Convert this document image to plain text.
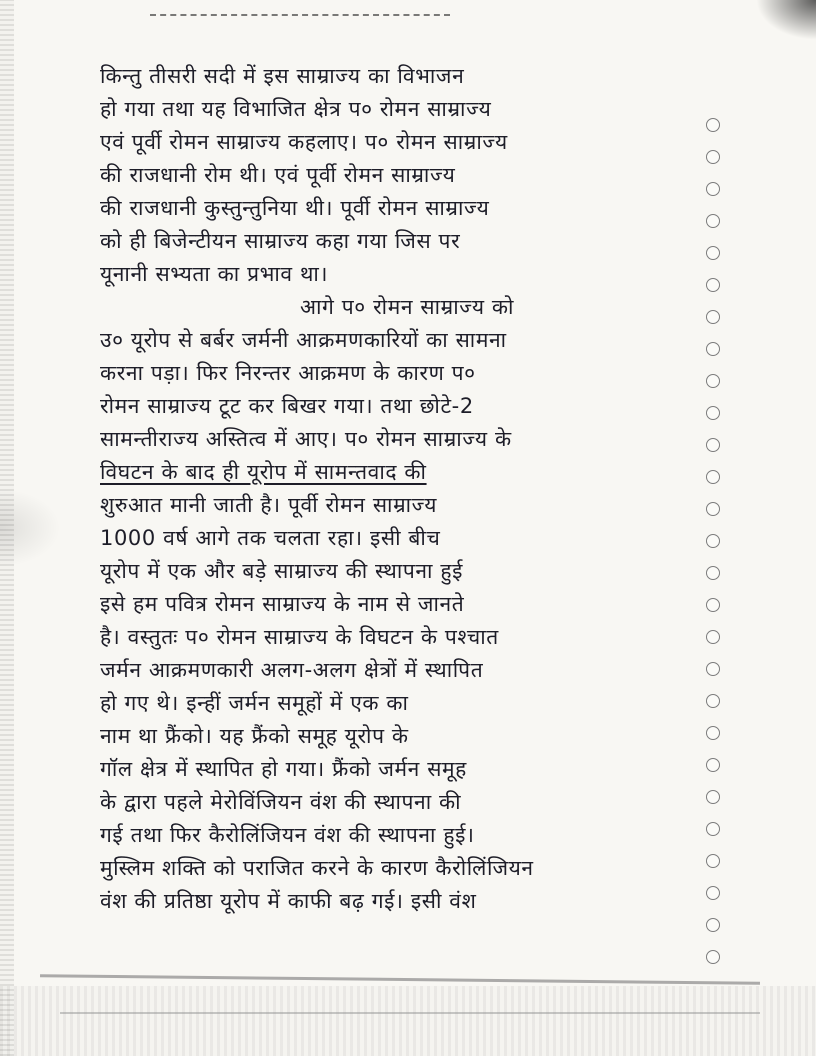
किन्तु तीसरी सदी में इस साम्राज्य का विभाजन
हो गया तथा यह विभाजित क्षेत्र प० रोमन साम्राज्य
एवं पूर्वी रोमन साम्राज्य कहलाए। प० रोमन साम्राज्य
की राजधानी रोम थी। एवं पूर्वी रोमन साम्राज्य
की राजधानी कुस्तुन्तुनिया थी। पूर्वी रोमन साम्राज्य
को ही बिजेन्टीयन साम्राज्य कहा गया जिस पर
यूनानी सभ्यता का प्रभाव था।
आगे प० रोमन साम्राज्य को
उ० यूरोप से बर्बर जर्मनी आक्रमणकारियों का सामना
करना पड़ा। फिर निरन्तर आक्रमण के कारण प०
रोमन साम्राज्य टूट कर बिखर गया। तथा छोटे-2
सामन्तीराज्य अस्तित्व में आए। प० रोमन साम्राज्य के
विघटन के बाद ही यूरोप में सामन्तवाद की
शुरुआत मानी जाती है। पूर्वी रोमन साम्राज्य
1000 वर्ष आगे तक चलता रहा। इसी बीच
यूरोप में एक और बड़े साम्राज्य की स्थापना हुई
इसे हम पवित्र रोमन साम्राज्य के नाम से जानते
है। वस्तुतः प० रोमन साम्राज्य के विघटन के पश्चात
जर्मन आक्रमणकारी अलग-अलग क्षेत्रों में स्थापित
हो गए थे। इन्हीं जर्मन समूहों में एक का
नाम था फ्रैंको। यह फ्रैंको समूह यूरोप के
गॉल क्षेत्र में स्थापित हो गया। फ्रैंको जर्मन समूह
के द्वारा पहले मेरोविंजियन वंश की स्थापना की
गई तथा फिर कैरोलिंजियन वंश की स्थापना हुई।
मुस्लिम शक्ति को पराजित करने के कारण कैरोलिंजियन
वंश की प्रतिष्ठा यूरोप में काफी बढ़ गई। इसी वंश
